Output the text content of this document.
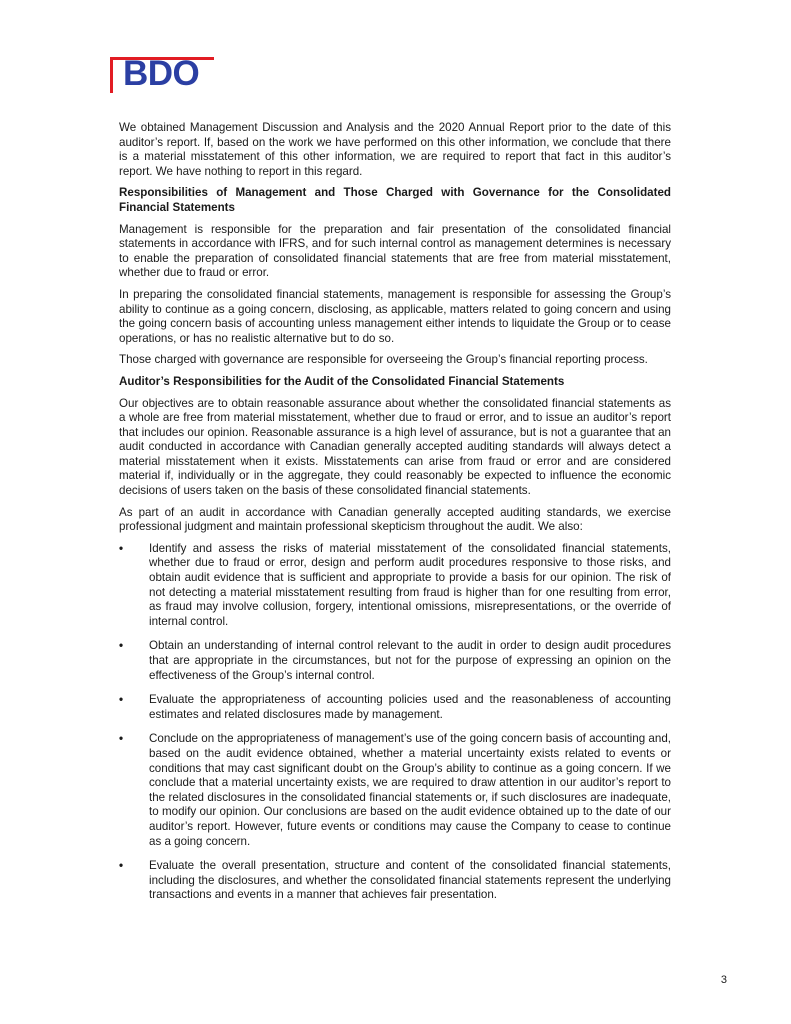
BDO

We obtained Management Discussion and Analysis and the 2020 Annual Report prior to the date of this auditor’s report. If, based on the work we have performed on this other information, we conclude that there is a material misstatement of this other information, we are required to report that fact in this auditor’s report. We have nothing to report in this regard.

Responsibilities of Management and Those Charged with Governance for the Consolidated Financial Statements

Management is responsible for the preparation and fair presentation of the consolidated financial statements in accordance with IFRS, and for such internal control as management determines is necessary to enable the preparation of consolidated financial statements that are free from material misstatement, whether due to fraud or error.

In preparing the consolidated financial statements, management is responsible for assessing the Group’s ability to continue as a going concern, disclosing, as applicable, matters related to going concern and using the going concern basis of accounting unless management either intends to liquidate the Group or to cease operations, or has no realistic alternative but to do so.

Those charged with governance are responsible for overseeing the Group’s financial reporting process.

Auditor’s Responsibilities for the Audit of the Consolidated Financial Statements

Our objectives are to obtain reasonable assurance about whether the consolidated financial statements as a whole are free from material misstatement, whether due to fraud or error, and to issue an auditor’s report that includes our opinion. Reasonable assurance is a high level of assurance, but is not a guarantee that an audit conducted in accordance with Canadian generally accepted auditing standards will always detect a material misstatement when it exists. Misstatements can arise from fraud or error and are considered material if, individually or in the aggregate, they could reasonably be expected to influence the economic decisions of users taken on the basis of these consolidated financial statements.

As part of an audit in accordance with Canadian generally accepted auditing standards, we exercise professional judgment and maintain professional skepticism throughout the audit. We also:

• Identify and assess the risks of material misstatement of the consolidated financial statements, whether due to fraud or error, design and perform audit procedures responsive to those risks, and obtain audit evidence that is sufficient and appropriate to provide a basis for our opinion. The risk of not detecting a material misstatement resulting from fraud is higher than for one resulting from error, as fraud may involve collusion, forgery, intentional omissions, misrepresentations, or the override of internal control.
• Obtain an understanding of internal control relevant to the audit in order to design audit procedures that are appropriate in the circumstances, but not for the purpose of expressing an opinion on the effectiveness of the Group’s internal control.
• Evaluate the appropriateness of accounting policies used and the reasonableness of accounting estimates and related disclosures made by management.
• Conclude on the appropriateness of management’s use of the going concern basis of accounting and, based on the audit evidence obtained, whether a material uncertainty exists related to events or conditions that may cast significant doubt on the Group’s ability to continue as a going concern. If we conclude that a material uncertainty exists, we are required to draw attention in our auditor’s report to the related disclosures in the consolidated financial statements or, if such disclosures are inadequate, to modify our opinion. Our conclusions are based on the audit evidence obtained up to the date of our auditor’s report. However, future events or conditions may cause the Company to cease to continue as a going concern.
• Evaluate the overall presentation, structure and content of the consolidated financial statements, including the disclosures, and whether the consolidated financial statements represent the underlying transactions and events in a manner that achieves fair presentation.
3
